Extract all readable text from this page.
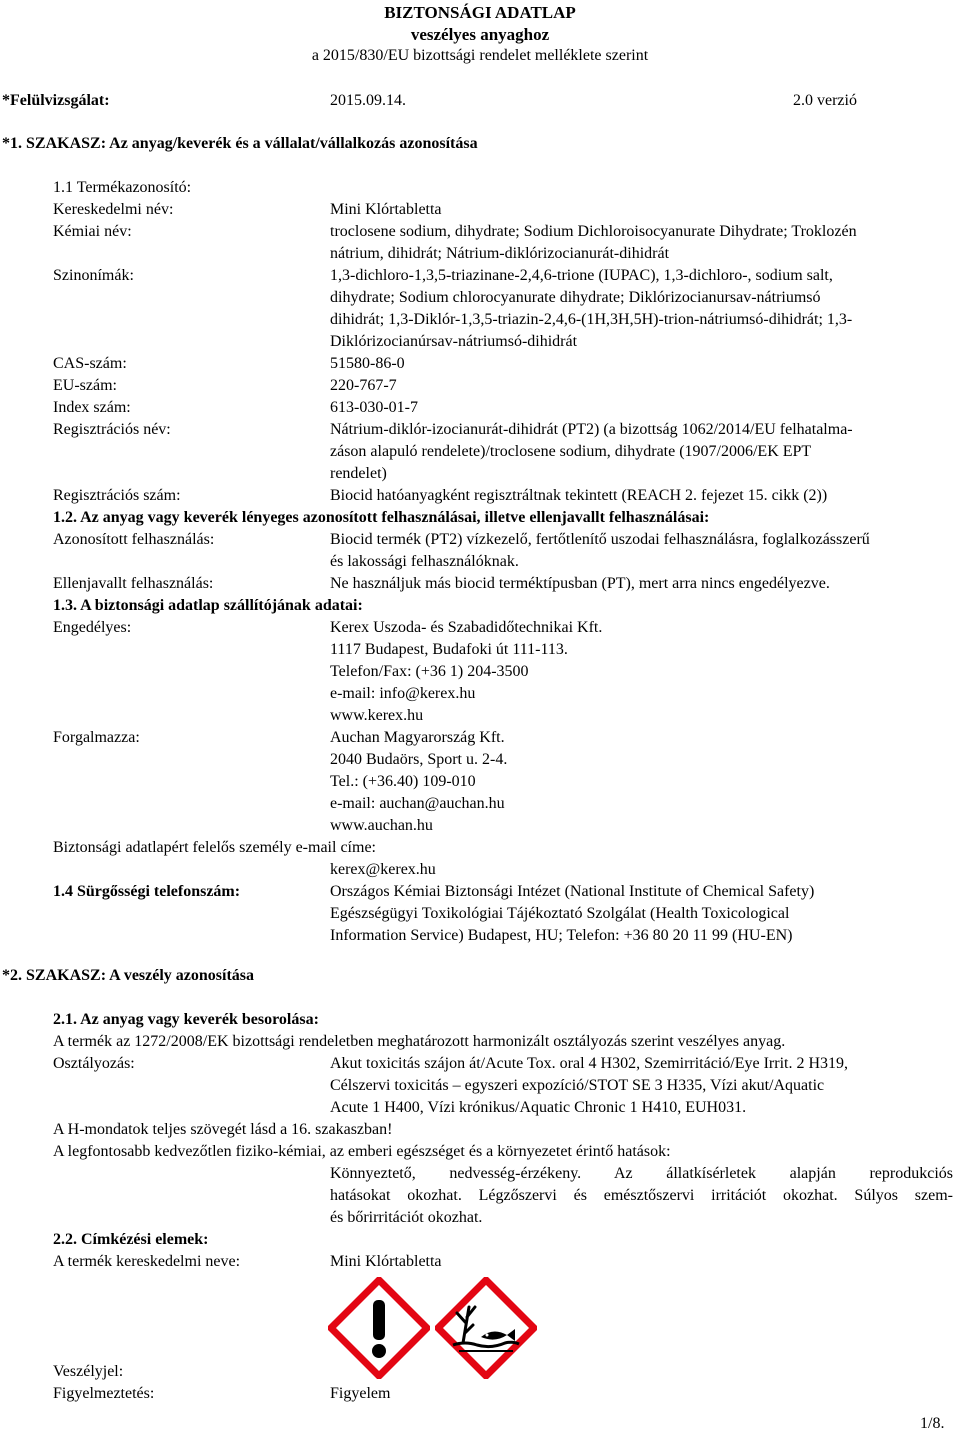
BIZTONSÁGI ADATLAP
veszélyes anyaghoz
a 2015/830/EU bizottsági rendelet melléklete szerint
*Felülvizsgálat:	2015.09.14.	2.0 verzió
*1. SZAKASZ: Az anyag/keverék és a vállalat/vállalkozás azonosítása
1.1 Termékazonosító:
Kereskedelmi név:	Mini Klórtabletta
Kémiai név:	troclosene sodium, dihydrate; Sodium Dichloroisocyanurate Dihydrate; Troklozén
nátrium, dihidrát; Nátrium-diklórizocianurát-dihidrát
Szinonímák:	1,3-dichloro-1,3,5-triazinane-2,4,6-trione (IUPAC), 1,3-dichloro-, sodium salt,
dihydrate; Sodium chlorocyanurate dihydrate; Diklórizocianursav-nátriumsó
dihidrát; 1,3-Diklór-1,3,5-triazin-2,4,6-(1H,3H,5H)-trion-nátriumsó-dihidrát; 1,3-
Diklórizocianúrsav-nátriumsó-dihidrát
CAS-szám:	51580-86-0
EU-szám:	220-767-7
Index szám:	613-030-01-7
Regisztrációs név:	Nátrium-diklór-izocianurát-dihidrát (PT2) (a bizottság 1062/2014/EU felhatalma-
záson alapuló rendelete)/troclosene sodium, dihydrate (1907/2006/EK EPT
rendelet)
Regisztrációs szám:	Biocid hatóanyagként regisztráltnak tekintett (REACH 2. fejezet 15. cikk (2))
1.2. Az anyag vagy keverék lényeges azonosított felhasználásai, illetve ellenjavallt felhasználásai:
Azonosított felhasználás:	Biocid termék (PT2) vízkezelő, fertőtlenítő uszodai felhasználásra, foglalkozásszerű
és lakossági felhasználóknak.
Ellenjavallt felhasználás:	Ne használjuk más biocid terméktípusban (PT), mert arra nincs engedélyezve.
1.3. A biztonsági adatlap szállítójának adatai:
Engedélyes:	Kerex Uszoda- és Szabadidőtechnikai Kft.
1117 Budapest, Budafoki út 111-113.
Telefon/Fax: (+36 1) 204-3500
e-mail: info@kerex.hu
www.kerex.hu
Forgalmazza:	Auchan Magyarország Kft.
2040 Budaörs, Sport u. 2-4.
Tel.: (+36.40) 109-010
e-mail: auchan@auchan.hu
www.auchan.hu
Biztonsági adatlapért felelős személy e-mail címe:
kerex@kerex.hu
1.4 Sürgősségi telefonszám:	Országos Kémiai Biztonsági Intézet (National Institute of Chemical Safety)
Egészségügyi Toxikológiai Tájékoztató Szolgálat (Health Toxicological
Information Service) Budapest, HU; Telefon: +36 80 20 11 99 (HU-EN)
*2. SZAKASZ: A veszély azonosítása
2.1. Az anyag vagy keverék besorolása:
A termék az 1272/2008/EK bizottsági rendeletben meghatározott harmonizált osztályozás szerint veszélyes anyag.
Osztályozás:	Akut toxicitás szájon át/Acute Tox. oral 4 H302, Szemirritáció/Eye Irrit. 2 H319,
Célszervi toxicitás – egyszeri expozíció/STOT SE 3 H335, Vízi akut/Aquatic
Acute 1 H400, Vízi krónikus/Aquatic Chronic 1 H410, EUH031.
A H-mondatok teljes szövegét lásd a 16. szakaszban!
A legfontosabb kedvezőtlen fiziko-kémiai, az emberi egészséget és a környezetet érintő hatások:
Könnyeztető, nedvesség-érzékeny. Az állatkísérletek alapján reprodukciós
hatásokat okozhat. Légzőszervi és emésztőszervi irritációt okozhat. Súlyos szem-
és bőrirritációt okozhat.
2.2. Címkézési elemek:
A termék kereskedelmi neve:	Mini Klórtabletta
Veszélyjel:
Figyelmeztetés:	Figyelem
1/8.
